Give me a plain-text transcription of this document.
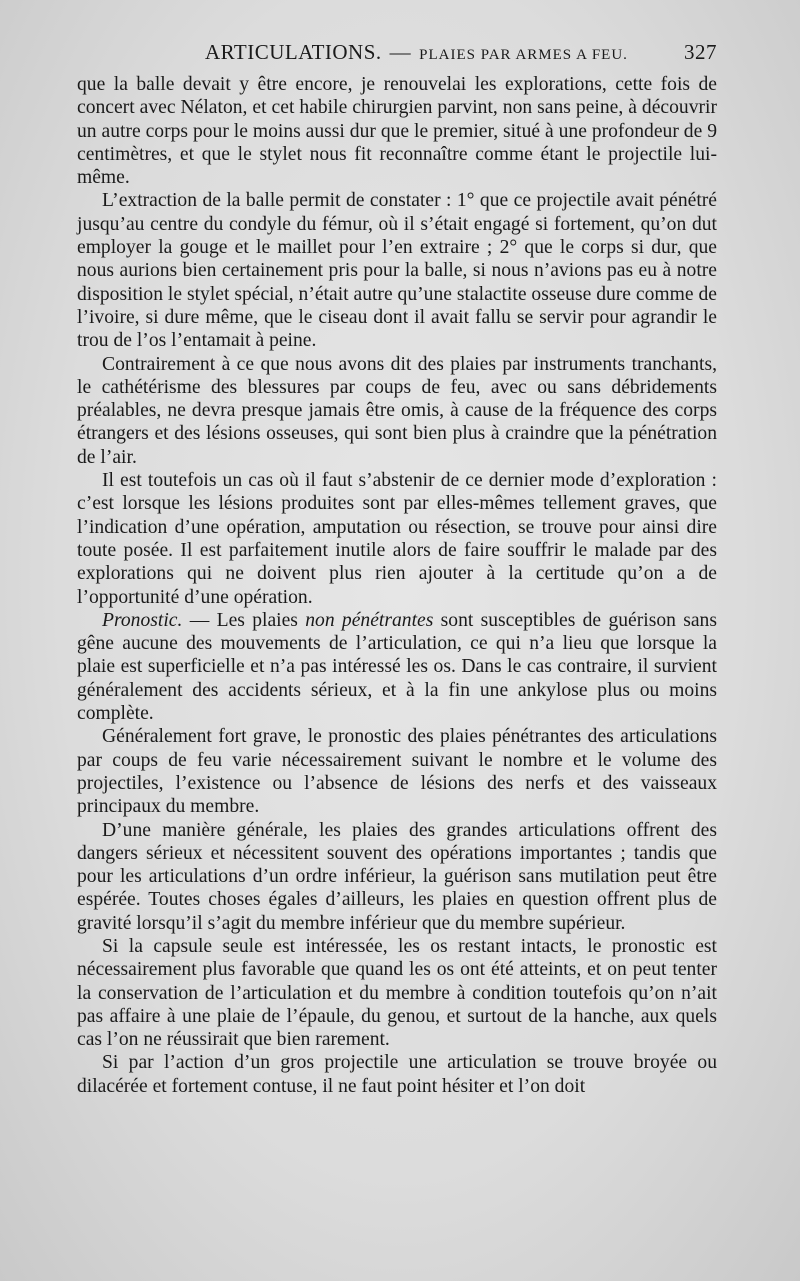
ARTICULATIONS. — PLAIES PAR ARMES A FEU.	327

que la balle devait y être encore, je renouvelai les explorations, cette fois de concert avec Nélaton, et cet habile chirurgien parvint, non sans peine, à découvrir un autre corps pour le moins aussi dur que le premier, situé à une profondeur de 9 centimètres, et que le stylet nous fit reconnaître comme étant le projectile lui-même.

L’extraction de la balle permit de constater : 1° que ce projectile avait pénétré jusqu’au centre du condyle du fémur, où il s’était engagé si fortement, qu’on dut employer la gouge et le maillet pour l’en extraire ; 2° que le corps si dur, que nous aurions bien certainement pris pour la balle, si nous n’avions pas eu à notre disposition le stylet spécial, n’était autre qu’une stalactite osseuse dure comme de l’ivoire, si dure même, que le ciseau dont il avait fallu se servir pour agrandir le trou de l’os l’entamait à peine.

Contrairement à ce que nous avons dit des plaies par instruments tranchants, le cathétérisme des blessures par coups de feu, avec ou sans débridements préalables, ne devra presque jamais être omis, à cause de la fréquence des corps étrangers et des lésions osseuses, qui sont bien plus à craindre que la pénétration de l’air.

Il est toutefois un cas où il faut s’abstenir de ce dernier mode d’exploration : c’est lorsque les lésions produites sont par elles-mêmes tellement graves, que l’indication d’une opération, amputation ou résection, se trouve pour ainsi dire toute posée. Il est parfaitement inutile alors de faire souffrir le malade par des explorations qui ne doivent plus rien ajouter à la certitude qu’on a de l’opportunité d’une opération.

Pronostic. — Les plaies non pénétrantes sont susceptibles de guérison sans gêne aucune des mouvements de l’articulation, ce qui n’a lieu que lorsque la plaie est superficielle et n’a pas intéressé les os. Dans le cas contraire, il survient généralement des accidents sérieux, et à la fin une ankylose plus ou moins complète.

Généralement fort grave, le pronostic des plaies pénétrantes des articulations par coups de feu varie nécessairement suivant le nombre et le volume des projectiles, l’existence ou l’absence de lésions des nerfs et des vaisseaux principaux du membre.

D’une manière générale, les plaies des grandes articulations offrent des dangers sérieux et nécessitent souvent des opérations importantes ; tandis que pour les articulations d’un ordre inférieur, la guérison sans mutilation peut être espérée. Toutes choses égales d’ailleurs, les plaies en question offrent plus de gravité lorsqu’il s’agit du membre inférieur que du membre supérieur.

Si la capsule seule est intéressée, les os restant intacts, le pronostic est nécessairement plus favorable que quand les os ont été atteints, et on peut tenter la conservation de l’articulation et du membre à condition toutefois qu’on n’ait pas affaire à une plaie de l’épaule, du genou, et surtout de la hanche, aux quels cas l’on ne réussirait que bien rarement.

Si par l’action d’un gros projectile une articulation se trouve broyée ou dilacérée et fortement contuse, il ne faut point hésiter et l’on doit
